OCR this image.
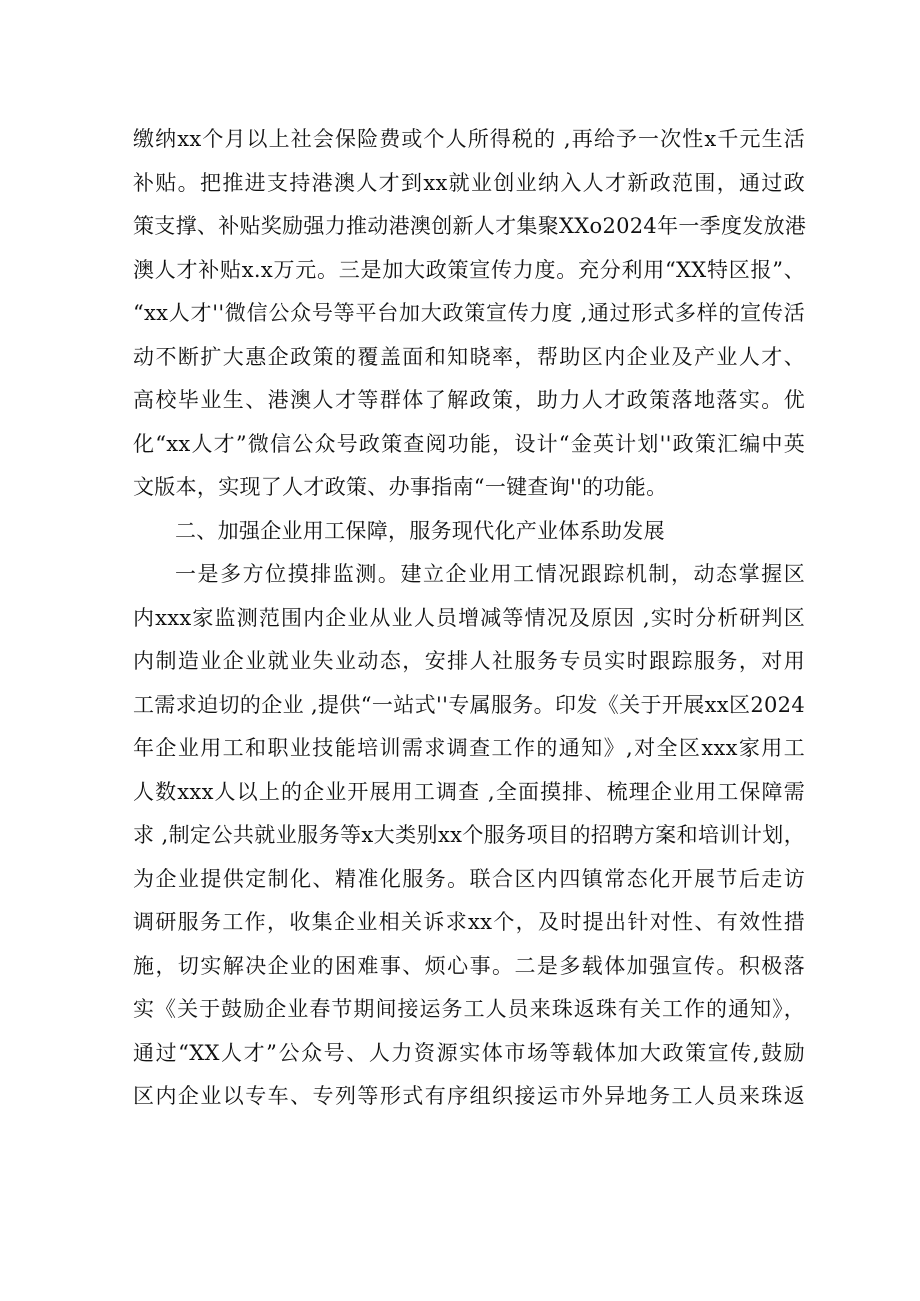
缴纳xx个月以上社会保险费或个人所得税的 ,再给予一次性x千元生活
补贴。把推进支持港澳人才到xx就业创业纳入人才新政范围，通过政
策支撑、补贴奖励强力推动港澳创新人才集聚XXo2024年一季度发放港
澳人才补贴x.x万元。三是加大政策宣传力度。充分利用“XX特区报”、
“xx人才''微信公众号等平台加大政策宣传力度 ,通过形式多样的宣传活
动不断扩大惠企政策的覆盖面和知晓率，帮助区内企业及产业人才、
高校毕业生、港澳人才等群体了解政策，助力人才政策落地落实。优
化“xx人才”微信公众号政策查阅功能，设计“金英计划''政策汇编中英
文版本，实现了人才政策、办事指南“一键查询''的功能。
二、加强企业用工保障，服务现代化产业体系助发展
一是多方位摸排监测。建立企业用工情况跟踪机制，动态掌握区
内xxx家监测范围内企业从业人员增减等情况及原因 ,实时分析研判区
内制造业企业就业失业动态，安排人社服务专员实时跟踪服务，对用
工需求迫切的企业 ,提供“一站式''专属服务。印发《关于开展xx区2024
年企业用工和职业技能培训需求调查工作的通知》,对全区xxx家用工
人数xxx人以上的企业开展用工调查 ,全面摸排、梳理企业用工保障需
求 ,制定公共就业服务等x大类别xx个服务项目的招聘方案和培训计划，
为企业提供定制化、精准化服务。联合区内四镇常态化开展节后走访
调研服务工作，收集企业相关诉求xx个，及时提出针对性、有效性措
施，切实解决企业的困难事、烦心事。二是多载体加强宣传。积极落
实《关于鼓励企业春节期间接运务工人员来珠返珠有关工作的通知》，
通过“XX人才”公众号、人力资源实体市场等载体加大政策宣传,鼓励
区内企业以专车、专列等形式有序组织接运市外异地务工人员来珠返
